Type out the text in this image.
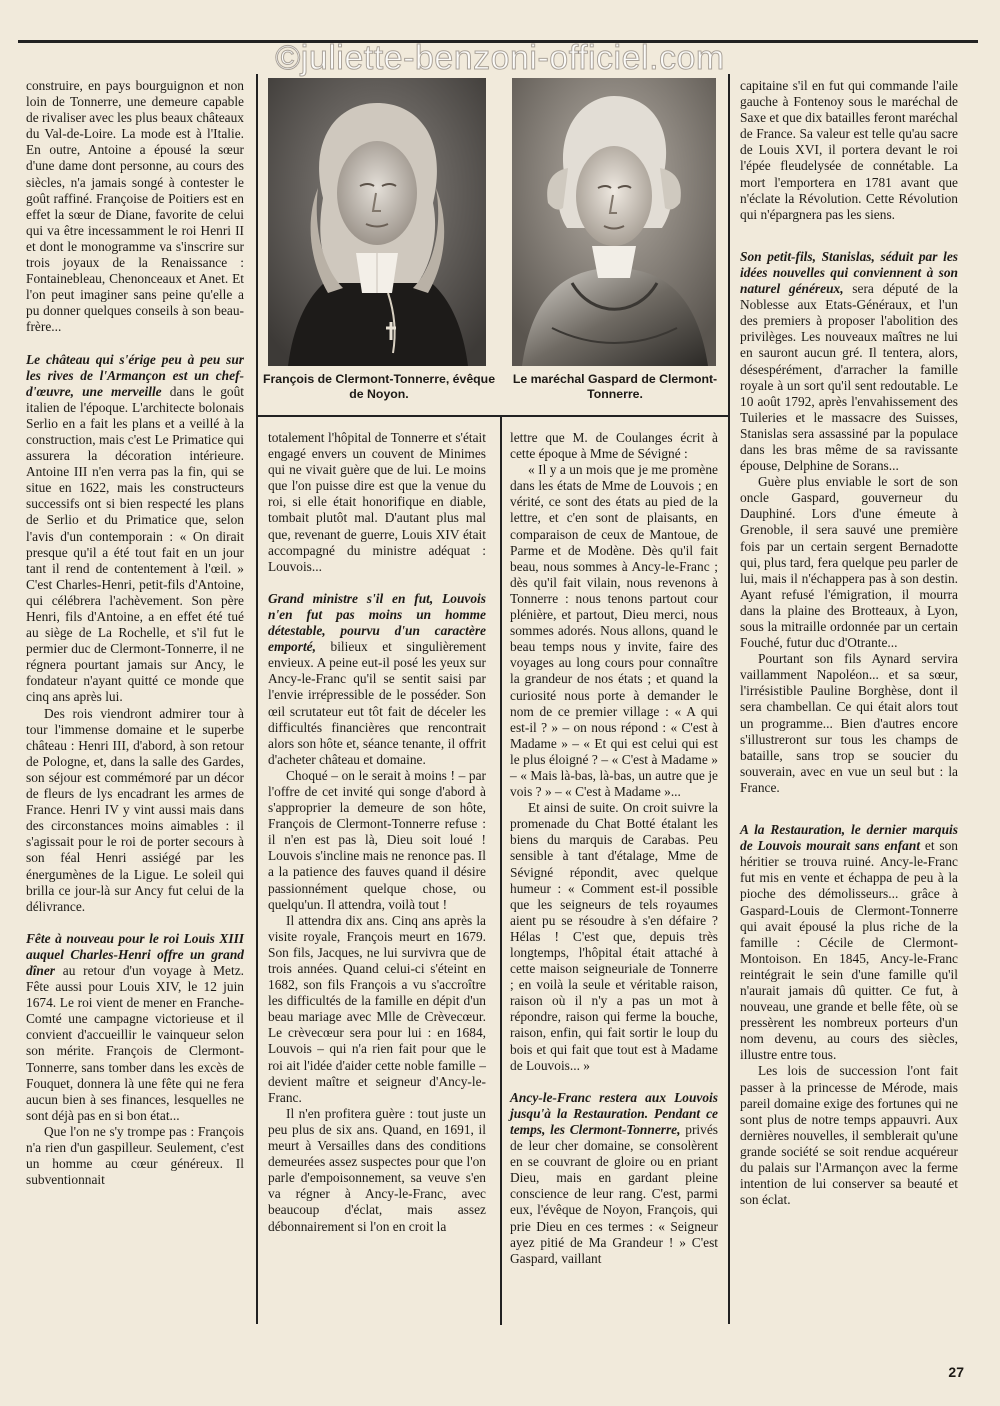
©juliette-benzoni-officiel.com
François de Clermont-Tonnerre, évêque de Noyon.
Le maréchal Gaspard de Clermont-Tonnerre.

construire, en pays bourguignon et non loin de Tonnerre, une demeure capable de rivaliser avec les plus beaux châteaux du Val-de-Loire. La mode est à l'Italie. En outre, Antoine a épousé la sœur d'une dame dont personne, au cours des siècles, n'a jamais songé à contester le goût raffiné. Françoise de Poitiers est en effet la sœur de Diane, favorite de celui qui va être incessamment le roi Henri II et dont le monogramme va s'inscrire sur trois joyaux de la Renaissance : Fontainebleau, Chenonceaux et Anet. Et l'on peut imaginer sans peine qu'elle a pu donner quelques conseils à son beau-frère...

Le château qui s'érige peu à peu sur les rives de l'Armançon est un chef-d'œuvre, une merveille dans le goût italien de l'époque. L'architecte bolonais Serlio en a fait les plans et a veillé à la construction, mais c'est Le Primatice qui assurera la décoration intérieure. Antoine III n'en verra pas la fin, qui se situe en 1622, mais les constructeurs successifs ont si bien respecté les plans de Serlio et du Primatice que, selon l'avis d'un contemporain : « On dirait presque qu'il a été tout fait en un jour tant il rend de contentement à l'œil. » C'est Charles-Henri, petit-fils d'Antoine, qui célébrera l'achèvement. Son père Henri, fils d'Antoine, a en effet été tué au siège de La Rochelle, et s'il fut le permier duc de Clermont-Tonnerre, il ne régnera pourtant jamais sur Ancy, le fondateur n'ayant quitté ce monde que cinq ans après lui.

Des rois viendront admirer tour à tour l'immense domaine et le superbe château : Henri III, d'abord, à son retour de Pologne, et, dans la salle des Gardes, son séjour est commémoré par un décor de fleurs de lys encadrant les armes de France. Henri IV y vint aussi mais dans des circonstances moins aimables : il s'agissait pour le roi de porter secours à son féal Henri assiégé par les énergumènes de la Ligue. Le soleil qui brilla ce jour-là sur Ancy fut celui de la délivrance.

Fête à nouveau pour le roi Louis XIII auquel Charles-Henri offre un grand dîner au retour d'un voyage à Metz. Fête aussi pour Louis XIV, le 12 juin 1674. Le roi vient de mener en Franche-Comté une campagne victorieuse et il convient d'accueillir le vainqueur selon son mérite. François de Clermont-Tonnerre, sans tomber dans les excès de Fouquet, donnera là une fête qui ne fera aucun bien à ses finances, lesquelles ne sont déjà pas en si bon état...

Que l'on ne s'y trompe pas : François n'a rien d'un gaspilleur. Seulement, c'est un homme au cœur généreux. Il subventionnait

totalement l'hôpital de Tonnerre et s'était engagé envers un couvent de Minimes qui ne vivait guère que de lui. Le moins que l'on puisse dire est que la venue du roi, si elle était honorifique en diable, tombait plutôt mal. D'autant plus mal que, revenant de guerre, Louis XIV était accompagné du ministre adéquat : Louvois...

Grand ministre s'il en fut, Louvois n'en fut pas moins un homme détestable, pourvu d'un caractère emporté, bilieux et singulièrement envieux. A peine eut-il posé les yeux sur Ancy-le-Franc qu'il se sentit saisi par l'envie irrépressible de le posséder. Son œil scrutateur eut tôt fait de déceler les difficultés financières que rencontrait alors son hôte et, séance tenante, il offrit d'acheter château et domaine.

Choqué – on le serait à moins ! – par l'offre de cet invité qui songe d'abord à s'approprier la demeure de son hôte, François de Clermont-Tonnerre refuse : il n'en est pas là, Dieu soit loué ! Louvois s'incline mais ne renonce pas. Il a la patience des fauves quand il désire passionnément quelque chose, ou quelqu'un. Il attendra, voilà tout !

Il attendra dix ans. Cinq ans après la visite royale, François meurt en 1679. Son fils, Jacques, ne lui survivra que de trois années. Quand celui-ci s'éteint en 1682, son fils François a vu s'accroître les difficultés de la famille en dépit d'un beau mariage avec Mlle de Crèvecœur. Le crèvecœur sera pour lui : en 1684, Louvois – qui n'a rien fait pour que le roi ait l'idée d'aider cette noble famille – devient maître et seigneur d'Ancy-le-Franc.

Il n'en profitera guère : tout juste un peu plus de six ans. Quand, en 1691, il meurt à Versailles dans des conditions demeurées assez suspectes pour que l'on parle d'empoisonnement, sa veuve s'en va régner à Ancy-le-Franc, avec beaucoup d'éclat, mais assez débonnairement si l'on en croit la

lettre que M. de Coulanges écrit à cette époque à Mme de Sévigné :

« Il y a un mois que je me promène dans les états de Mme de Louvois ; en vérité, ce sont des états au pied de la lettre, et c'en sont de plaisants, en comparaison de ceux de Mantoue, de Parme et de Modène. Dès qu'il fait beau, nous sommes à Ancy-le-Franc ; dès qu'il fait vilain, nous revenons à Tonnerre : nous tenons partout cour plénière, et partout, Dieu merci, nous sommes adorés. Nous allons, quand le beau temps nous y invite, faire des voyages au long cours pour connaître la grandeur de nos états ; et quand la curiosité nous porte à demander le nom de ce premier village : « A qui est-il ? » – on nous répond : « C'est à Madame » – « Et qui est celui qui est le plus éloigné ? – « C'est à Madame » – « Mais là-bas, là-bas, un autre que je vois ? » – « C'est à Madame »...

Et ainsi de suite. On croit suivre la promenade du Chat Botté étalant les biens du marquis de Carabas. Peu sensible à tant d'étalage, Mme de Sévigné répondit, avec quelque humeur : « Comment est-il possible que les seigneurs de tels royaumes aient pu se résoudre à s'en défaire ? Hélas ! C'est que, depuis très longtemps, l'hôpital était attaché à cette maison seigneuriale de Tonnerre ; en voilà la seule et véritable raison, raison où il n'y a pas un mot à répondre, raison qui ferme la bouche, raison, enfin, qui fait sortir le loup du bois et qui fait que tout est à Madame de Louvois... »

Ancy-le-Franc restera aux Louvois jusqu'à la Restauration. Pendant ce temps, les Clermont-Tonnerre, privés de leur cher domaine, se consolèrent en se couvrant de gloire ou en priant Dieu, mais en gardant pleine conscience de leur rang. C'est, parmi eux, l'évêque de Noyon, François, qui prie Dieu en ces termes : « Seigneur ayez pitié de Ma Grandeur ! » C'est Gaspard, vaillant

capitaine s'il en fut qui commande l'aile gauche à Fontenoy sous le maréchal de Saxe et que dix batailles feront maréchal de France. Sa valeur est telle qu'au sacre de Louis XVI, il portera devant le roi l'épée fleudelysée de connétable. La mort l'emportera en 1781 avant que n'éclate la Révolution. Cette Révolution qui n'épargnera pas les siens.

Son petit-fils, Stanislas, séduit par les idées nouvelles qui conviennent à son naturel généreux, sera député de la Noblesse aux Etats-Généraux, et l'un des premiers à proposer l'abolition des privilèges. Les nouveaux maîtres ne lui en sauront aucun gré. Il tentera, alors, désespérément, d'arracher la famille royale à un sort qu'il sent redoutable. Le 10 août 1792, après l'envahissement des Tuileries et le massacre des Suisses, Stanislas sera assassiné par la populace dans les bras même de sa ravissante épouse, Delphine de Sorans...

Guère plus enviable le sort de son oncle Gaspard, gouverneur du Dauphiné. Lors d'une émeute à Grenoble, il sera sauvé une première fois par un certain sergent Bernadotte qui, plus tard, fera quelque peu parler de lui, mais il n'échappera pas à son destin. Ayant refusé l'émigration, il mourra dans la plaine des Brotteaux, à Lyon, sous la mitraille ordonnée par un certain Fouché, futur duc d'Otrante...

Pourtant son fils Aynard servira vaillamment Napoléon... et sa sœur, l'irrésistible Pauline Borghèse, dont il sera chambellan. Ce qui était alors tout un programme... Bien d'autres encore s'illustreront sur tous les champs de bataille, sans trop se soucier du souverain, avec en vue un seul but : la France.

A la Restauration, le dernier marquis de Louvois mourait sans enfant et son héritier se trouva ruiné. Ancy-le-Franc fut mis en vente et échappa de peu à la pioche des démolisseurs... grâce à Gaspard-Louis de Clermont-Tonnerre qui avait épousé la plus riche de la famille : Cécile de Clermont-Montoison. En 1845, Ancy-le-Franc reintégrait le sein d'une famille qu'il n'aurait jamais dû quitter. Ce fut, à nouveau, une grande et belle fête, où se pressèrent les nombreux porteurs d'un nom devenu, au cours des siècles, illustre entre tous.

Les lois de succession l'ont fait passer à la princesse de Mérode, mais pareil domaine exige des fortunes qui ne sont plus de notre temps appauvri. Aux dernières nouvelles, il semblerait qu'une grande société se soit rendue acquéreur du palais sur l'Armançon avec la ferme intention de lui conserver sa beauté et son éclat.

27
